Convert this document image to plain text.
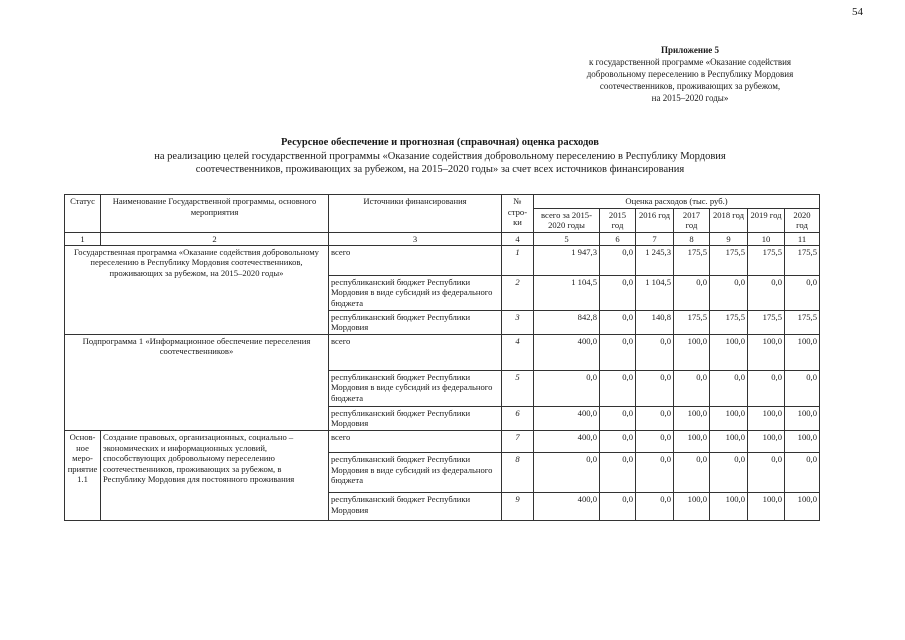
54
Приложение 5
к государственной программе «Оказание содействия
добровольному переселению в Республику Мордовия
соотечественников, проживающих за рубежом,
на 2015–2020 годы»
Ресурсное обеспечение и прогнозная (справочная) оценка расходов
на реализацию целей государственной программы «Оказание содействия добровольному переселению в Республику Мордовия
соотечественников, проживающих за рубежом, на 2015–2020 годы» за счет всех источников финансирования
Статус	Наименование Государственной программы, основного мероприятия	Источники финансирования	№ стро-ки	Оценка расходов (тыс. руб.)						
				всего за 2015-2020 годы	2015 год	2016 год	2017 год	2018 год	2019 год	2020 год
1	2	3	4	5	6	7	8	9	10	11
Государственная программа «Оказание содействия добровольному переселению в Республику Мордовия соотечественников, проживающих за рубежом, на 2015–2020 годы»		всего	1	1 947,3	0,0	1 245,3	175,5	175,5	175,5	175,5
		республиканский бюджет Республики Мордовия в виде субсидий из федерального бюджета	2	1 104,5	0,0	1 104,5	0,0	0,0	0,0	0,0
		республиканский бюджет Республики Мордовия	3	842,8	0,0	140,8	175,5	175,5	175,5	175,5
Подпрограмма 1 «Информационное обеспечение переселения соотечественников»		всего	4	400,0	0,0	0,0	100,0	100,0	100,0	100,0
		республиканский бюджет Республики Мордовия в виде субсидий из федерального бюджета	5	0,0	0,0	0,0	0,0	0,0	0,0	0,0
		республиканский бюджет Республики Мордовия	6	400,0	0,0	0,0	100,0	100,0	100,0	100,0
Основ-ное меро-приятие 1.1	Создание правовых, организационных, социально – экономических и информационных условий, способствующих добровольному переселению соотечественников, проживающих за рубежом, в Республику Мордовия для постоянного проживания	всего	7	400,0	0,0	0,0	100,0	100,0	100,0	100,0
		республиканский бюджет Республики Мордовия в виде субсидий из федерального бюджета	8	0,0	0,0	0,0	0,0	0,0	0,0	0,0
		республиканский бюджет Республики Мордовия	9	400,0	0,0	0,0	100,0	100,0	100,0	100,0
